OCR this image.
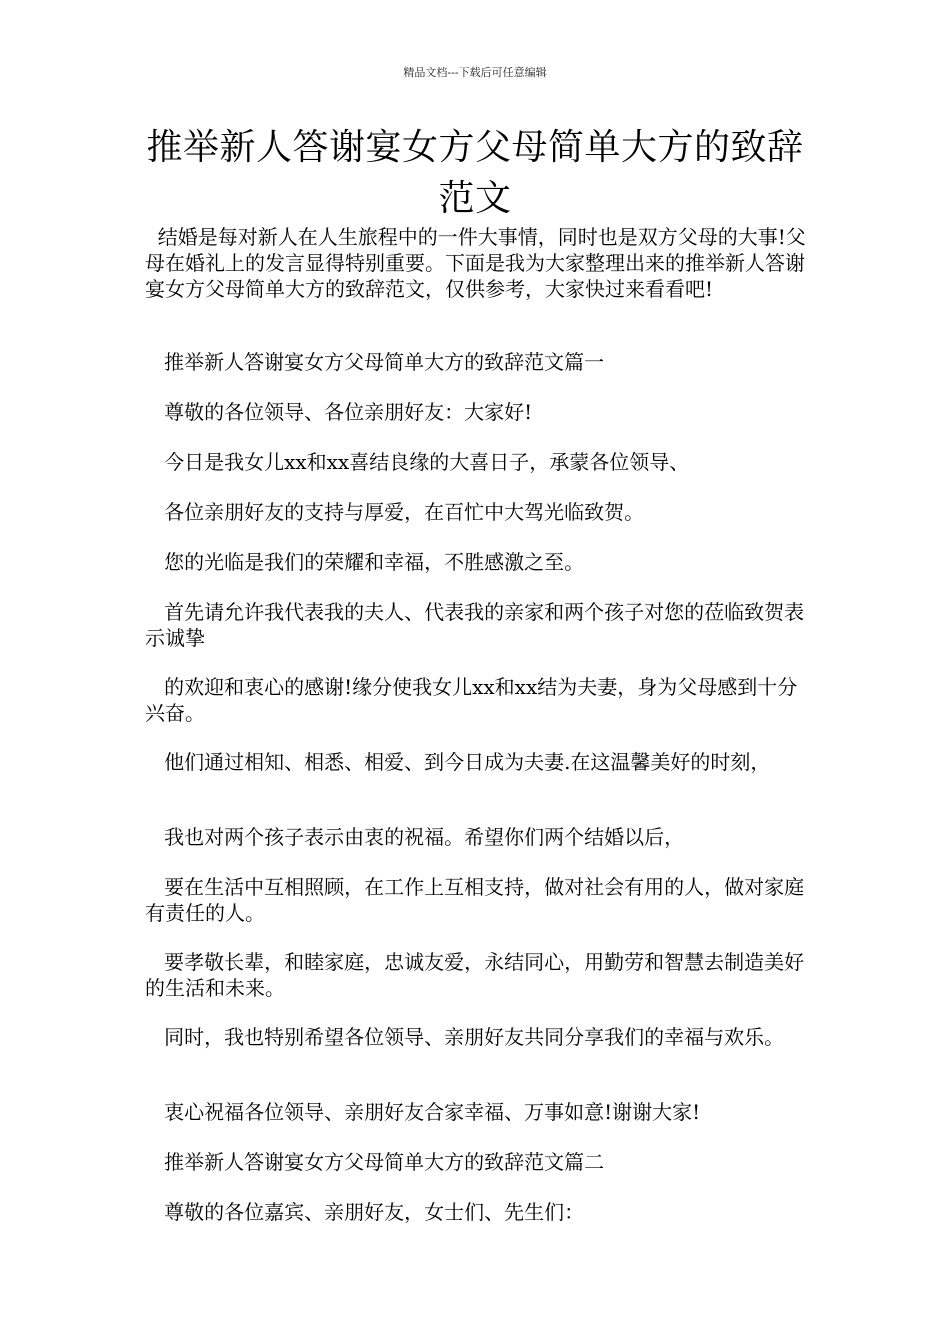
精品文档---下载后可任意编辑
推举新人答谢宴女方父母简单大方的致辞范文

结婚是每对新人在人生旅程中的一件大事情，同时也是双方父母的大事!父母在婚礼上的发言显得特别重要。下面是我为大家整理出来的推举新人答谢宴女方父母简单大方的致辞范文，仅供参考，大家快过来看看吧!

推举新人答谢宴女方父母简单大方的致辞范文篇一

尊敬的各位领导、各位亲朋好友：大家好!

今日是我女儿xx和xx喜结良缘的大喜日子，承蒙各位领导、

各位亲朋好友的支持与厚爱，在百忙中大驾光临致贺。

您的光临是我们的荣耀和幸福，不胜感激之至。

首先请允许我代表我的夫人、代表我的亲家和两个孩子对您的莅临致贺表示诚挚

的欢迎和衷心的感谢!缘分使我女儿xx和xx结为夫妻，身为父母感到十分兴奋。

他们通过相知、相悉、相爱、到今日成为夫妻.在这温馨美好的时刻，

我也对两个孩子表示由衷的祝福。希望你们两个结婚以后，

要在生活中互相照顾，在工作上互相支持，做对社会有用的人，做对家庭有责任的人。

要孝敬长辈，和睦家庭，忠诚友爱，永结同心，用勤劳和智慧去制造美好的生活和未来。

同时，我也特别希望各位领导、亲朋好友共同分享我们的幸福与欢乐。

衷心祝福各位领导、亲朋好友合家幸福、万事如意!谢谢大家!

推举新人答谢宴女方父母简单大方的致辞范文篇二

尊敬的各位嘉宾、亲朋好友，女士们、先生们：
